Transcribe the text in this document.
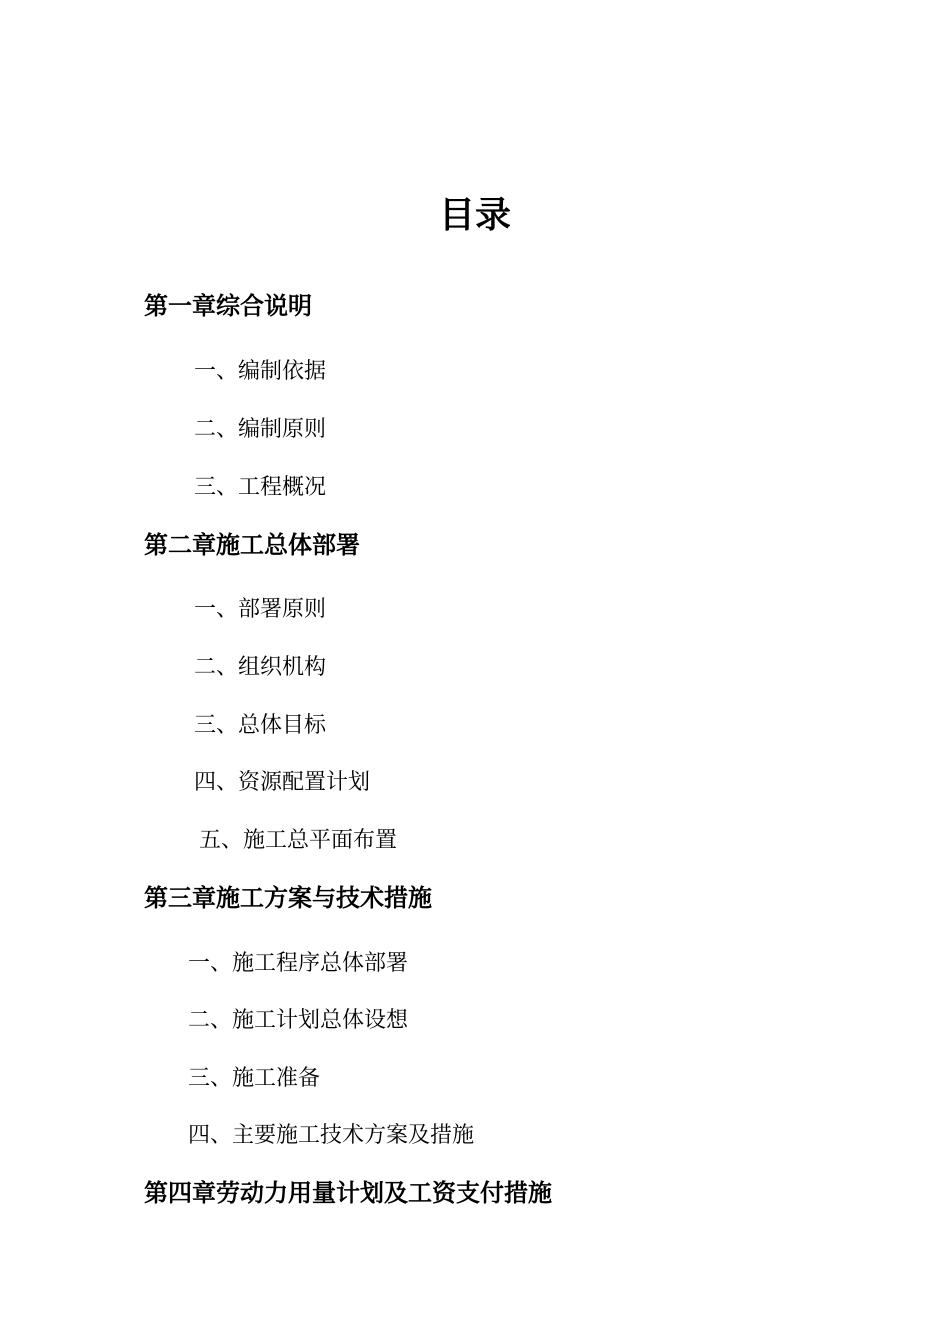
目录
第一章综合说明
一、编制依据
二、编制原则
三、工程概况
第二章施工总体部署
一、部署原则
二、组织机构
三、总体目标
四、资源配置计划
五、施工总平面布置
第三章施工方案与技术措施
一、施工程序总体部署
二、施工计划总体设想
三、施工准备
四、主要施工技术方案及措施
第四章劳动力用量计划及工资支付措施
